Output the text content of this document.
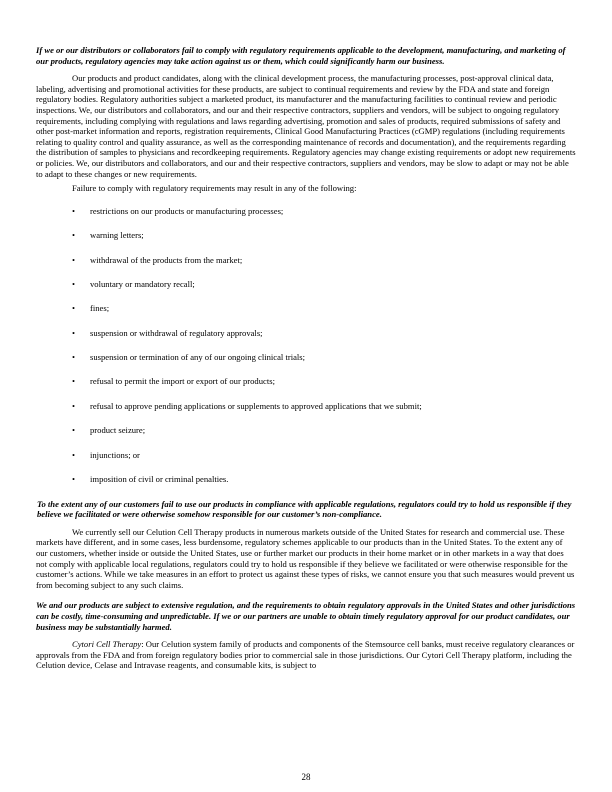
If we or our distributors or collaborators fail to comply with regulatory requirements applicable to the development, manufacturing, and marketing of our products, regulatory agencies may take action against us or them, which could significantly harm our business.

Our products and product candidates, along with the clinical development process, the manufacturing processes, post-approval clinical data, labeling, advertising and promotional activities for these products, are subject to continual requirements and review by the FDA and state and foreign regulatory bodies. Regulatory authorities subject a marketed product, its manufacturer and the manufacturing facilities to continual review and periodic inspections. We, our distributors and collaborators, and our and their respective contractors, suppliers and vendors, will be subject to ongoing regulatory requirements, including complying with regulations and laws regarding advertising, promotion and sales of products, required submissions of safety and other post-market information and reports, registration requirements, Clinical Good Manufacturing Practices (cGMP) regulations (including requirements relating to quality control and quality assurance, as well as the corresponding maintenance of records and documentation), and the requirements regarding the distribution of samples to physicians and recordkeeping requirements. Regulatory agencies may change existing requirements or adopt new requirements or policies. We, our distributors and collaborators, and our and their respective contractors, suppliers and vendors, may be slow to adapt or may not be able to adapt to these changes or new requirements.

Failure to comply with regulatory requirements may result in any of the following:

• restrictions on our products or manufacturing processes;
• warning letters;
• withdrawal of the products from the market;
• voluntary or mandatory recall;
• fines;
• suspension or withdrawal of regulatory approvals;
• suspension or termination of any of our ongoing clinical trials;
• refusal to permit the import or export of our products;
• refusal to approve pending applications or supplements to approved applications that we submit;
• product seizure;
• injunctions; or
• imposition of civil or criminal penalties.

To the extent any of our customers fail to use our products in compliance with applicable regulations, regulators could try to hold us responsible if they believe we facilitated or were otherwise somehow responsible for our customer’s non-compliance.

We currently sell our Celution Cell Therapy products in numerous markets outside of the United States for research and commercial use. These markets have different, and in some cases, less burdensome, regulatory schemes applicable to our products than in the United States. To the extent any of our customers, whether inside or outside the United States, use or further market our products in their home market or in other markets in a way that does not comply with applicable local regulations, regulators could try to hold us responsible if they believe we facilitated or were otherwise responsible for the customer’s actions. While we take measures in an effort to protect us against these types of risks, we cannot ensure you that such measures would prevent us from becoming subject to any such claims.

We and our products are subject to extensive regulation, and the requirements to obtain regulatory approvals in the United States and other jurisdictions can be costly, time-consuming and unpredictable. If we or our partners are unable to obtain timely regulatory approval for our product candidates, our business may be substantially harmed.

Cytori Cell Therapy: Our Celution system family of products and components of the Stemsource cell banks, must receive regulatory clearances or approvals from the FDA and from foreign regulatory bodies prior to commercial sale in those jurisdictions. Our Cytori Cell Therapy platform, including the Celution device, Celase and Intravase reagents, and consumable kits, is subject to

28
